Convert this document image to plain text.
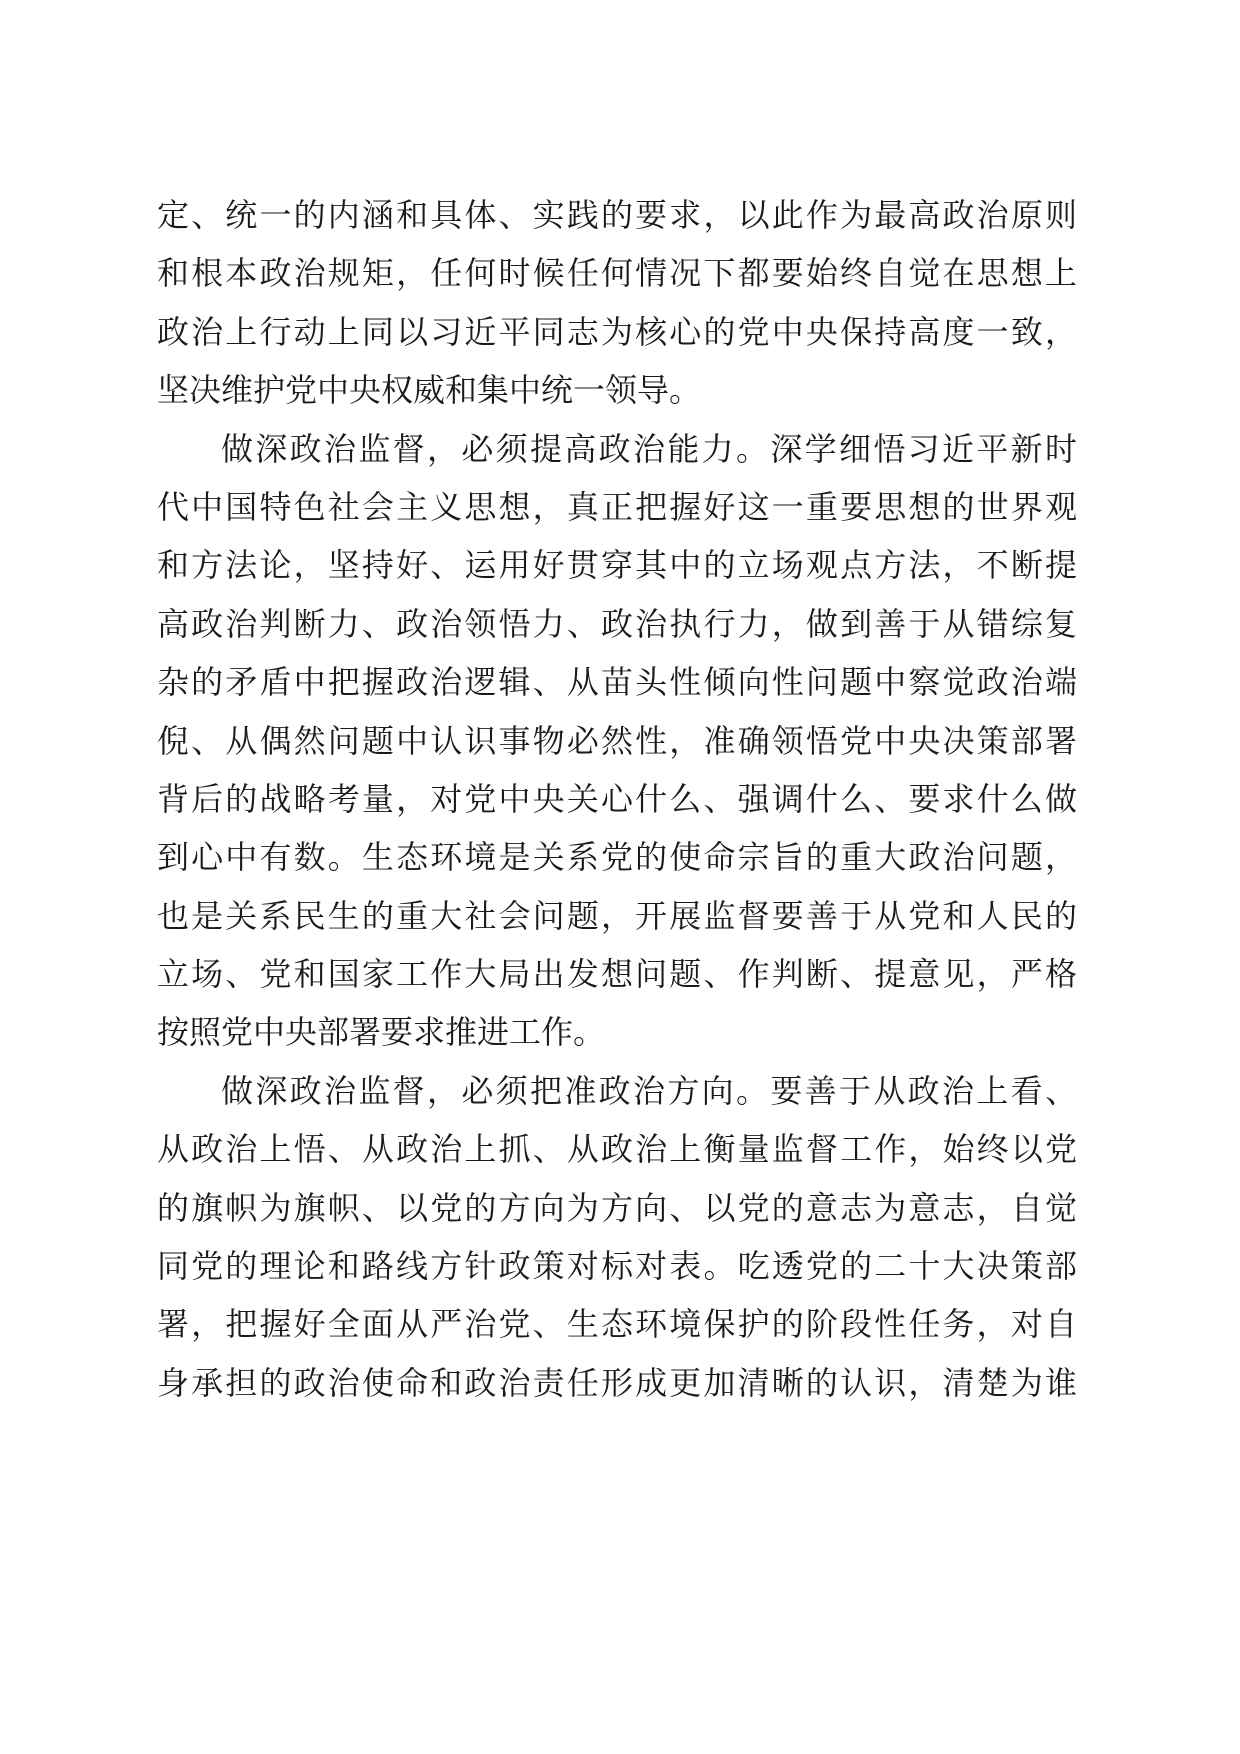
定、统一的内涵和具体、实践的要求，以此作为最高政治原则
和根本政治规矩，任何时候任何情况下都要始终自觉在思想上
政治上行动上同以习近平同志为核心的党中央保持高度一致，
坚决维护党中央权威和集中统一领导。
做深政治监督，必须提高政治能力。深学细悟习近平新时
代中国特色社会主义思想，真正把握好这一重要思想的世界观
和方法论，坚持好、运用好贯穿其中的立场观点方法，不断提
高政治判断力、政治领悟力、政治执行力，做到善于从错综复
杂的矛盾中把握政治逻辑、从苗头性倾向性问题中察觉政治端
倪、从偶然问题中认识事物必然性，准确领悟党中央决策部署
背后的战略考量，对党中央关心什么、强调什么、要求什么做
到心中有数。生态环境是关系党的使命宗旨的重大政治问题，
也是关系民生的重大社会问题，开展监督要善于从党和人民的
立场、党和国家工作大局出发想问题、作判断、提意见，严格
按照党中央部署要求推进工作。
做深政治监督，必须把准政治方向。要善于从政治上看、
从政治上悟、从政治上抓、从政治上衡量监督工作，始终以党
的旗帜为旗帜、以党的方向为方向、以党的意志为意志，自觉
同党的理论和路线方针政策对标对表。吃透党的二十大决策部
署，把握好全面从严治党、生态环境保护的阶段性任务，对自
身承担的政治使命和政治责任形成更加清晰的认识，清楚为谁
